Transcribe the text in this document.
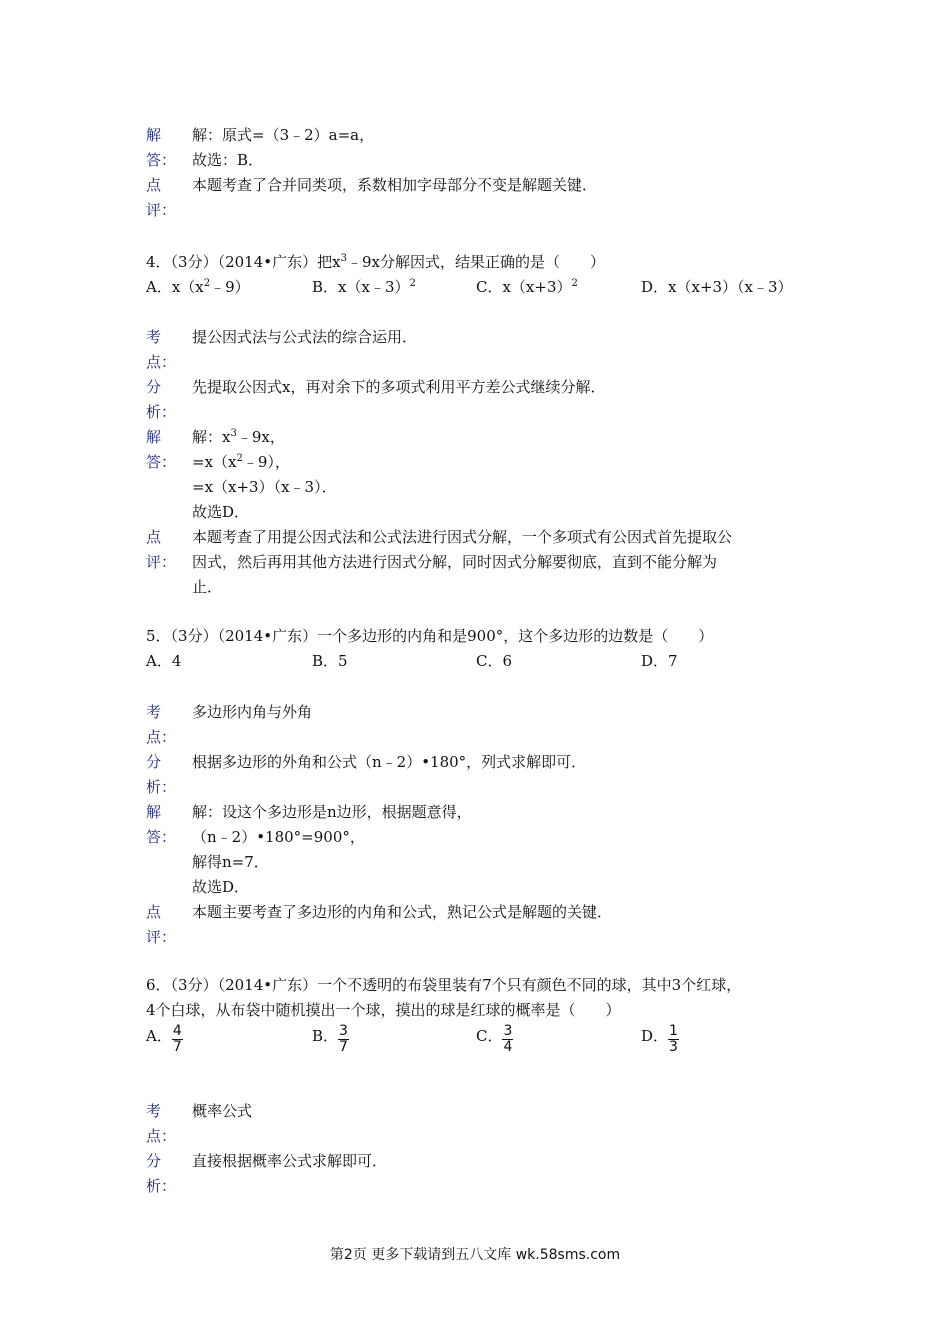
解	解：原式=（3﹣2）a=a，
答： 故选：B．
点	本题考查了合并同类项，系数相加字母部分不变是解题关键．
评：
4．（3分）（2014•广东）把$x^3﹣9x$分解因式，结果正确的是（　　）
A．$x(x^2﹣9)$	B．x（x﹣3）$^2$	C．$x(x+3)^2$	D．x（x+3）（x﹣3）
考	提公因式法与公式法的综合运用．
点：
分	先提取公因式x，再对余下的多项式利用平方差公式继续分解．
析：
解	解：$x^3﹣9x$，
答： $=x(x^2﹣9)$，
=x（x+3）（x﹣3）．
故选D．
点	本题考查了用提公因式法和公式法进行因式分解，一个多项式有公因式首先提取公
评： 因式，然后再用其他方法进行因式分解，同时因式分解要彻底，直到不能分解为
止．
5．（3分）（2014•广东）一个多边形的内角和是900°，这个多边形的边数是（　　）
A．4	B．5	C．6	D．7
考	多边形内角与外角
点：
分	根据多边形的外角和公式（n﹣2）•180°，列式求解即可．
析：
解	解：设这个多边形是n边形，根据题意得，
答： （n﹣2）•180°=900°，
解得n=7．
故选D．
点	本题主要考查了多边形的内角和公式，熟记公式是解题的关键．
评：
6．（3分）（2014•广东）一个不透明的布袋里装有7个只有颜色不同的球，其中3个红球，
4个白球，从布袋中随机摸出一个球，摸出的球是红球的概率是（　　）
A． $\frac{4}{7}$	B． $\frac{3}{7}$	C． $\frac{3}{4}$	D． $\frac{1}{3}$
考	概率公式
点：
分	直接根据概率公式求解即可．
析：
第2页 更多下载请到五八文库 wk.58sms.com
